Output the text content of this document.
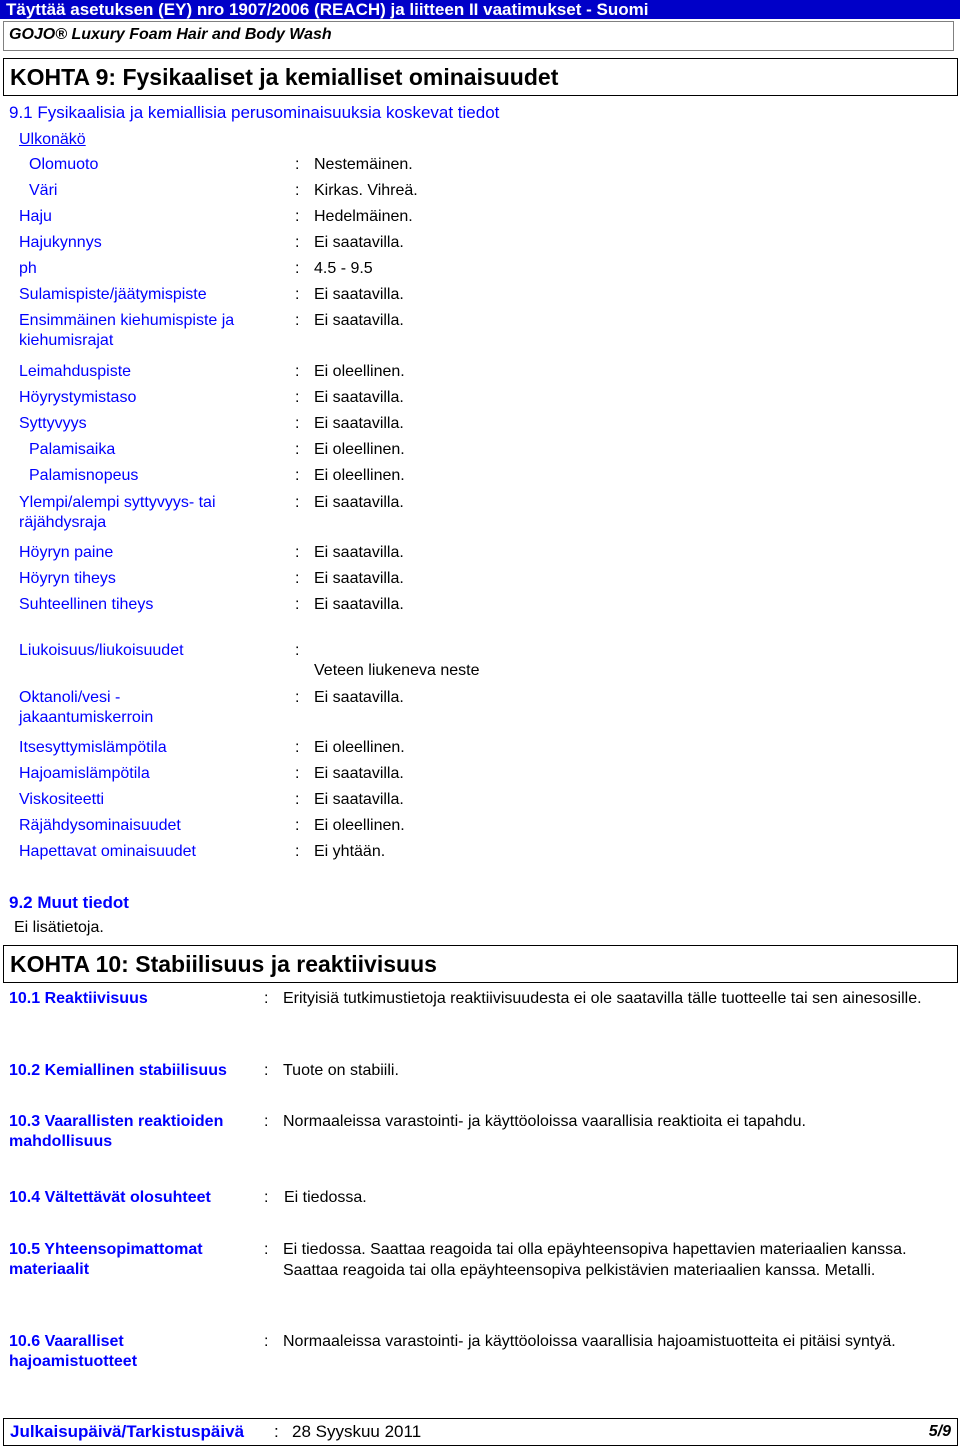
Täyttää asetuksen (EY) nro 1907/2006 (REACH) ja liitteen II vaatimukset - Suomi
GOJO® Luxury Foam Hair and Body Wash
KOHTA 9: Fysikaaliset ja kemialliset ominaisuudet
9.1 Fysikaalisia ja kemiallisia perusominaisuuksia koskevat tiedot
Ulkonäkö
Olomuoto	: Nestemäinen.
Väri	: Kirkas. Vihreä.
Haju	: Hedelmäinen.
Hajukynnys	: Ei saatavilla.
ph	: 4.5 - 9.5
Sulamispiste/jäätymispiste	: Ei saatavilla.
Ensimmäinen kiehumispiste ja kiehumisrajat
: Ei saatavilla.
Leimahduspiste	: Ei oleellinen.
Höyrystymistaso	: Ei saatavilla.
Syttyvyys	: Ei saatavilla.
Palamisaika	: Ei oleellinen.
Palamisnopeus	: Ei oleellinen.
Ylempi/alempi syttyvyys- tai räjähdysraja
: Ei saatavilla.
Höyryn paine	: Ei saatavilla.
Höyryn tiheys	: Ei saatavilla.
Suhteellinen tiheys	: Ei saatavilla.
Liukoisuus/liukoisuudet	:
Veteen liukeneva neste
Oktanoli/vesi - jakaantumiskerroin
: Ei saatavilla.
Itsesyttymislämpötila	: Ei oleellinen.
Hajoamislämpötila	: Ei saatavilla.
Viskositeetti	: Ei saatavilla.
Räjähdysominaisuudet	: Ei oleellinen.
Hapettavat ominaisuudet	: Ei yhtään.
9.2 Muut tiedot
Ei lisätietoja.
KOHTA 10: Stabiilisuus ja reaktiivisuus
10.1 Reaktiivisuus	: Erityisiä tutkimustietoja reaktiivisuudesta ei ole saatavilla tälle tuotteelle tai sen ainesosille.
10.2 Kemiallinen stabiilisuus	: Tuote on stabiili.
10.3 Vaarallisten reaktioiden mahdollisuus
: Normaaleissa varastointi- ja käyttöoloissa vaarallisia reaktioita ei tapahdu.
10.4 Vältettävät olosuhteet	: Ei tiedossa.
10.5 Yhteensopimattomat materiaalit
: Ei tiedossa. Saattaa reagoida tai olla epäyhteensopiva hapettavien materiaalien kanssa. Saattaa reagoida tai olla epäyhteensopiva pelkistävien materiaalien kanssa. Metalli.
10.6 Vaaralliset hajoamistuotteet
: Normaaleissa varastointi- ja käyttöoloissa vaarallisia hajoamistuotteita ei pitäisi syntyä.
Julkaisupäivä/Tarkistuspäivä : 28 Syyskuu 2011	5/9
